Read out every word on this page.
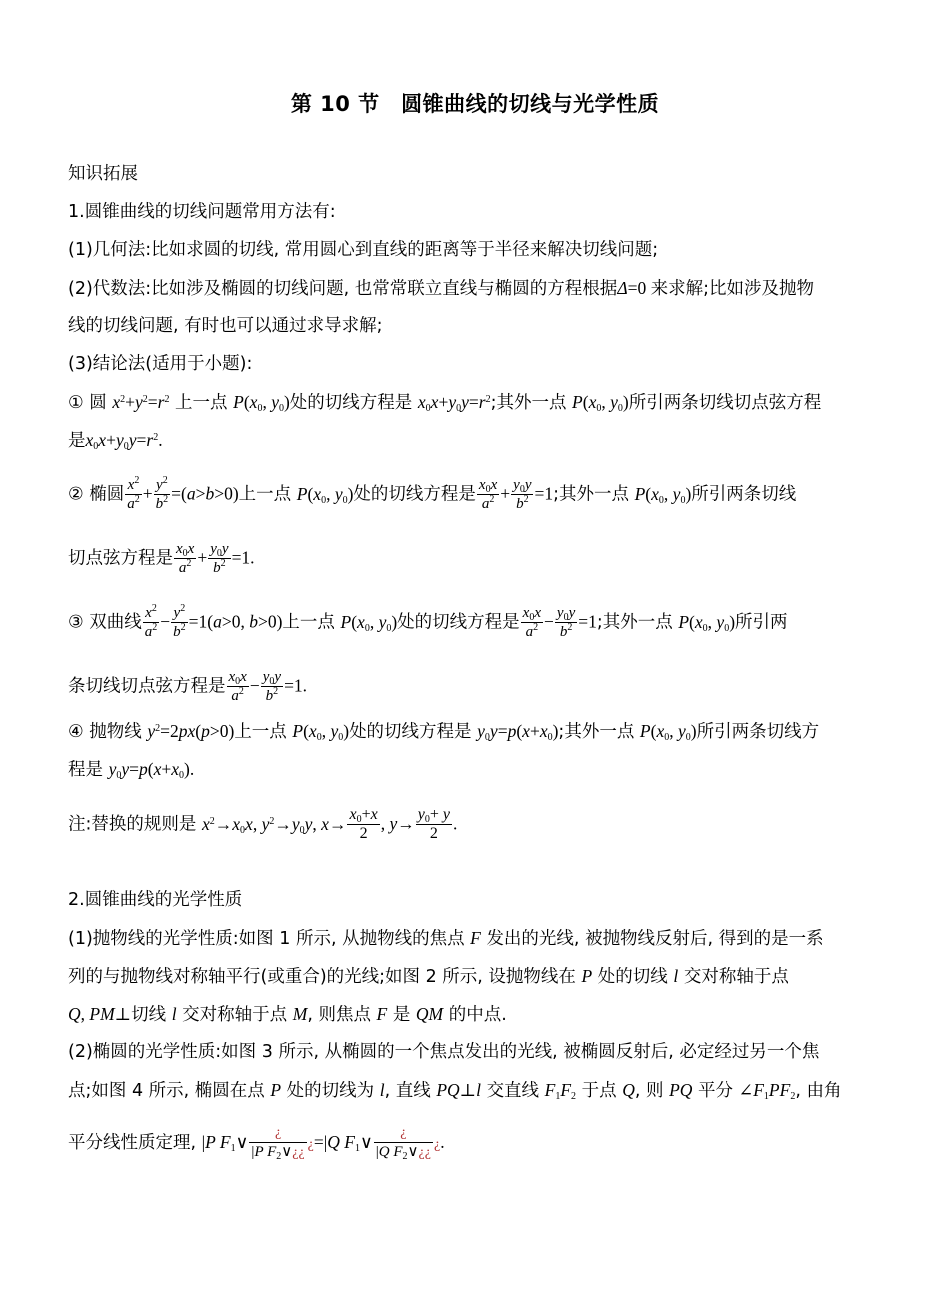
第 10 节　圆锥曲线的切线与光学性质
知识拓展
1.圆锥曲线的切线问题常用方法有:
(1)几何法:比如求圆的切线, 常用圆心到直线的距离等于半径来解决切线问题;
(2)代数法:比如涉及椭圆的切线问题, 也常常联立直线与椭圆的方程根据Δ=0 来求解;比如涉及抛物
线的切线问题, 有时也可以通过求导求解;
(3)结论法(适用于小题):
① 圆 $x^2+y^2=r^2$ 上一点 $P(x_0$, $y_0$)处的切线方程是 $x_0x+y_0y=r^2$;其外一点 $P(x_0$, $y_0$)所引两条切线切点弦方程
是$x_0x+y_0y=r^2$.
② 椭圆 $\frac{x^2}{a^2} + \frac{y^2}{b^2} =(a>b>0)$上一点 $P(x_0$, $y_0$)处的切线方程是 $\frac{x_0x}{a^2} + \frac{y_0y}{b^2} =1$;其外一点 $P(x_0$, $y_0$)所引两条切线
切点弦方程是 $\frac{x_0x}{a^2} + \frac{y_0y}{b^2} =1$.
③ 双曲线 $\frac{x^2}{a^2} - \frac{y^2}{b^2} =1(a>0$, b>0)上一点 $P(x_0$, $y_0$)处的切线方程是 $\frac{x_0x}{a^2} - \frac{y_0y}{b^2} =1$;其外一点 $P(x_0$, $y_0$)所引两
条切线切点弦方程是 $\frac{x_0x}{a^2} - \frac{y_0y}{b^2} =1$.
④ 抛物线 $y^2=2px(p>0)$上一点 $P(x_0$, $y_0$)处的切线方程是 $y_0y=p(x+x_0)$;其外一点 $P(x_0$, $y_0$)所引两条切线方
程是 $y_0y=p(x+x_0)$.
注:替换的规则是 $x^2\to x_0x$, $y^2\to y_0y$, $x\to \frac{x_0+x}{2}$ , $y\to \frac{y_0+ y}{2}$ .
2.圆锥曲线的光学性质
(1)抛物线的光学性质:如图 1 所示, 从抛物线的焦点 F 发出的光线, 被抛物线反射后, 得到的是一系
列的与抛物线对称轴平行(或重合)的光线;如图 2 所示, 设抛物线在 P 处的切线 l 交对称轴于点
Q, PM⊥切线 l 交对称轴于点 M, 则焦点 F 是 QM 的中点.
(2)椭圆的光学性质:如图 3 所示, 从椭圆的一个焦点发出的光线, 被椭圆反射后, 必定经过另一个焦
点;如图 4 所示, 椭圆在点 P 处的切线为 l, 直线 PQ⊥l 交直线 $F_1F_2$ 于点 Q, 则 PQ 平分 $\angle F_1PF_2$, 由角
平分线性质定理, |P $F_1\vee \frac{¿}{|P F_2\vee¿¿}$ ¿=|Q $F_1\vee \frac{¿}{|Q F_2\vee¿¿}$ ¿.
